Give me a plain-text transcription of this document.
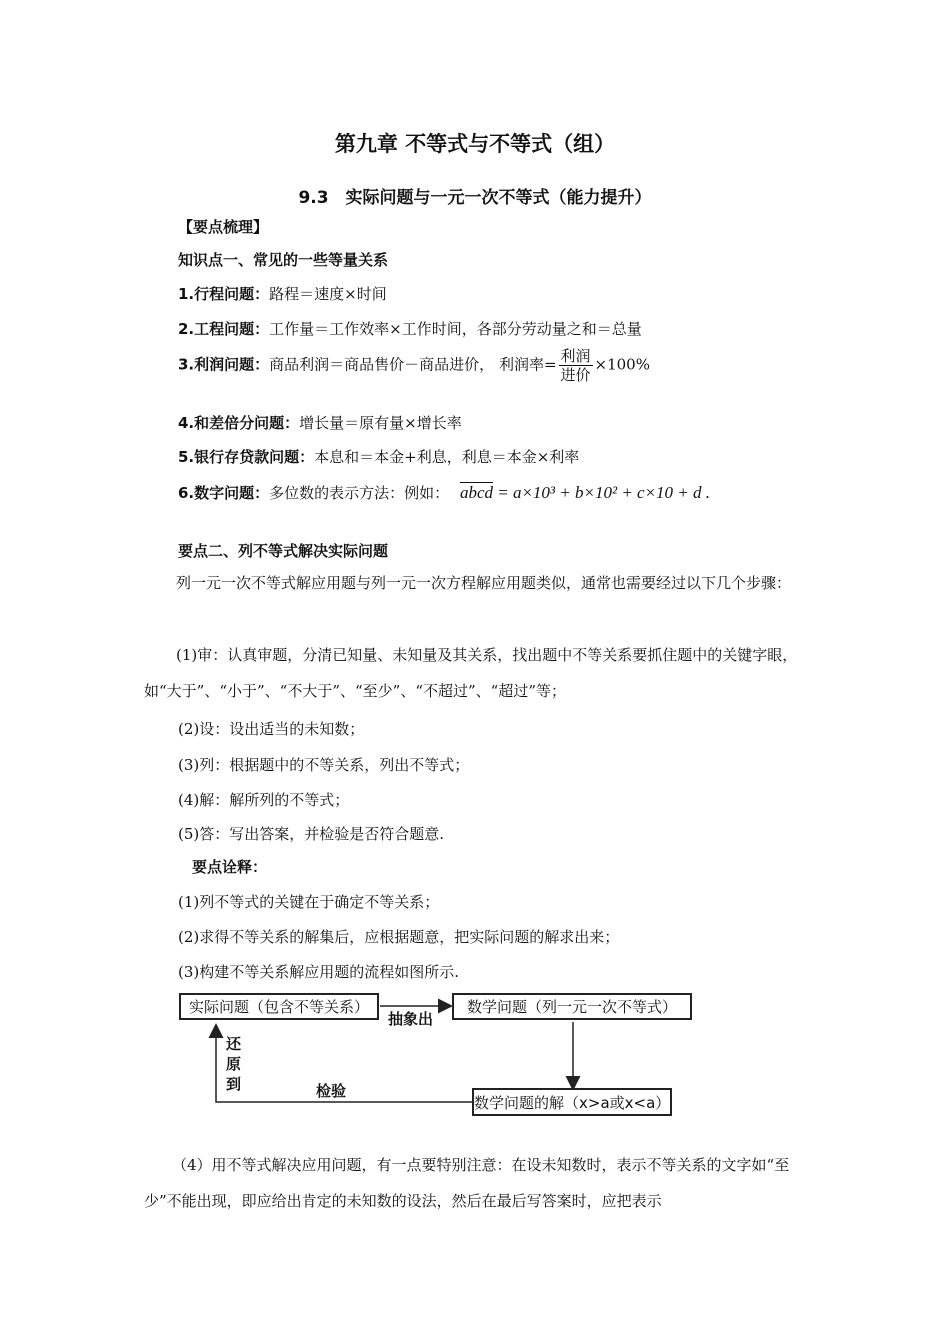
第九章 不等式与不等式（组）
9.3　实际问题与一元一次不等式（能力提升）
【要点梳理】
知识点一、常见的一些等量关系
1.行程问题：路程＝速度×时间
2.工程问题：工作量＝工作效率×工作时间，各部分劳动量之和＝总量
3.利润问题：商品利润＝商品售价－商品进价， 利润率= $\frac{\text{利润}}{\text{进价}} \times 100\%$
4.和差倍分问题：增长量＝原有量×增长率
5.银行存贷款问题：本息和＝本金+利息，利息＝本金×利率
6.数字问题：多位数的表示方法：例如： abcd = a×10³ + b×10² + c×10 + d .
要点二、列不等式解决实际问题
列一元一次不等式解应用题与列一元一次方程解应用题类似，通常也需要经过以下几个步骤：
(1)审：认真审题，分清已知量、未知量及其关系，找出题中不等关系要抓住题中的关键字眼，如“大于”、“小于”、“不大于”、“至少”、“不超过”、“超过”等；
(2)设：设出适当的未知数；
(3)列：根据题中的不等关系，列出不等式；
(4)解：解所列的不等式；
(5)答：写出答案，并检验是否符合题意.
要点诠释：
(1)列不等式的关键在于确定不等关系；
(2)求得不等关系的解集后，应根据题意，把实际问题的解求出来；
(3)构建不等关系解应用题的流程如图所示.
实际问题（包含不等关系）	数学问题（列一元一次不等式）
数学问题的解（x>a或x<a）
抽象出
检验
还原到
（4）用不等式解决应用问题，有一点要特别注意：在设未知数时，表示不等关系的文字如“至少”不能出现，即应给出肯定的未知数的设法，然后在最后写答案时，应把表示
